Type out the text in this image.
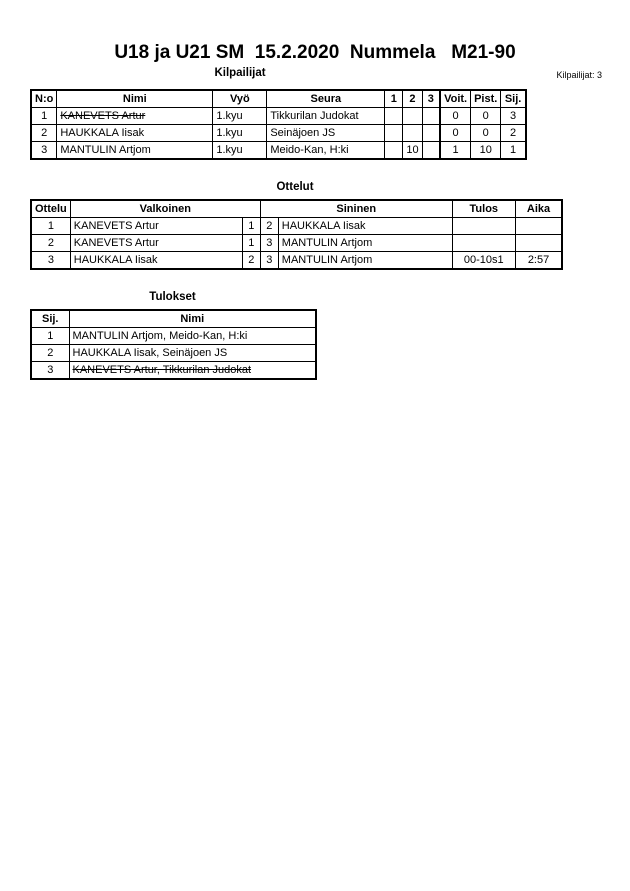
U18 ja U21 SM  15.2.2020  Nummela   M21-90
Kilpailijat	Kilpailijat: 3
N:o	Nimi	Vyö	Seura	1	2	3	Voit.	Pist.	Sij.
1	KANEVETS Artur	1.kyu	Tikkurilan Judokat				0	0	3
2	HAUKKALA Iisak	1.kyu	Seinäjoen JS				0	0	2
3	MANTULIN Artjom	1.kyu	Meido-Kan, H:ki		10		1	10	1
Ottelut
Ottelu	Valkoinen		Sininen		Tulos	Aika
1	KANEVETS Artur	1	2	HAUKKALA Iisak		
2	KANEVETS Artur	1	3	MANTULIN Artjom		
3	HAUKKALA Iisak	2	3	MANTULIN Artjom	00-10s1	2:57
Tulokset
Sij.	Nimi
1	MANTULIN Artjom, Meido-Kan, H:ki
2	HAUKKALA Iisak, Seinäjoen JS
3	KANEVETS Artur, Tikkurilan Judokat
